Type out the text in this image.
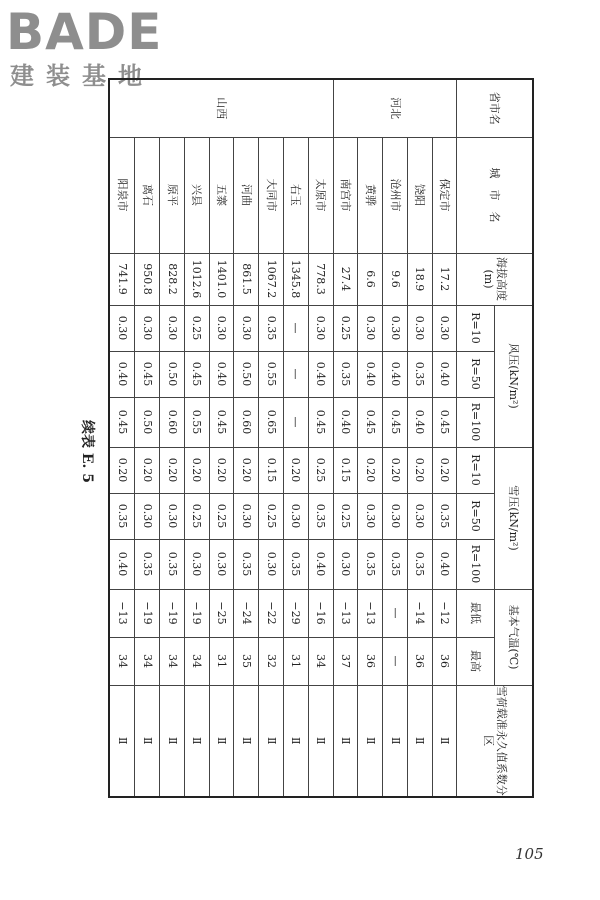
BADE
建装基地
续表 E. 5
省市名	城　市　名	海拔高度(m)	风压(kN/m²)			雪压(kN/m²)			基本气温(℃)		雪荷载准永久值系数分区
			R=10	R=50	R=100	R=10	R=50	R=100	最低	最高	
河北	保定市	17.2	0.30	0.40	0.45	0.20	0.35	0.40	−12	36	Ⅱ
	饶阳	18.9	0.30	0.35	0.40	0.20	0.30	0.35	−14	36	Ⅱ
	沧州市	9.6	0.30	0.40	0.45	0.20	0.30	0.35	—	—	Ⅱ
	黄骅	6.6	0.30	0.40	0.45	0.20	0.30	0.35	−13	36	Ⅱ
	南宫市	27.4	0.25	0.35	0.40	0.15	0.25	0.30	−13	37	Ⅱ
山西	太原市	778.3	0.30	0.40	0.45	0.25	0.35	0.40	−16	34	Ⅱ
	右玉	1345.8	—	—	—	0.20	0.30	0.35	−29	31	Ⅱ
	大同市	1067.2	0.35	0.55	0.65	0.15	0.25	0.30	−22	32	Ⅱ
	河曲	861.5	0.30	0.50	0.60	0.20	0.30	0.35	−24	35	Ⅱ
	五寨	1401.0	0.30	0.40	0.45	0.20	0.25	0.30	−25	31	Ⅱ
	兴县	1012.6	0.25	0.45	0.55	0.20	0.25	0.30	−19	34	Ⅱ
	原平	828.2	0.30	0.50	0.60	0.20	0.30	0.35	−19	34	Ⅱ
	离石	950.8	0.30	0.45	0.50	0.20	0.30	0.35	−19	34	Ⅱ
	阳泉市	741.9	0.30	0.40	0.45	0.20	0.35	0.40	−13	34	Ⅱ
105
